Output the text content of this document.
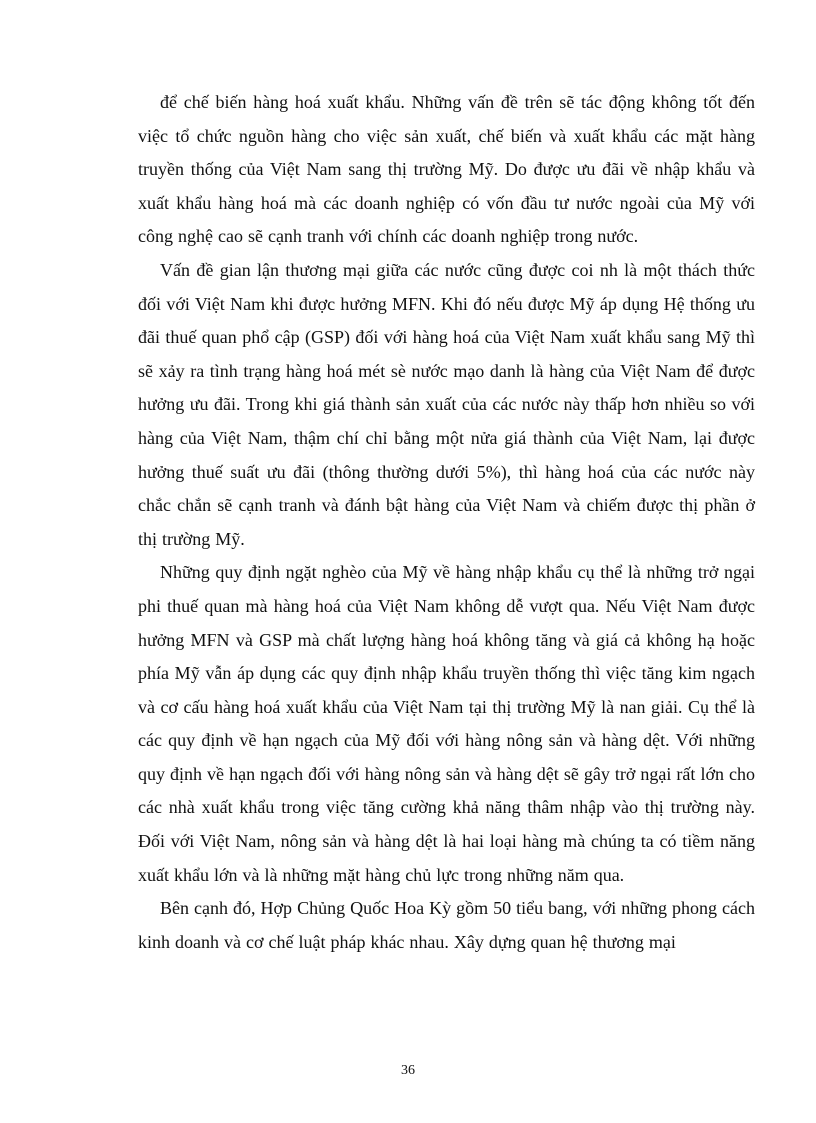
để chế biến hàng hoá xuất khẩu. Những vấn đề trên sẽ tác động không tốt đến việc tổ chức nguồn hàng cho việc sản xuất, chế biến và xuất khẩu các mặt hàng truyền thống của Việt Nam sang thị trường Mỹ. Do được ưu đãi về nhập khẩu và xuất khẩu hàng hoá mà các doanh nghiệp có vốn đầu tư nước ngoài của Mỹ với công nghệ cao sẽ cạnh tranh với chính các doanh nghiệp trong nước.

Vấn đề gian lận thương mại giữa các nước cũng được coi nh là một thách thức đối với Việt Nam khi được hưởng MFN. Khi đó nếu được Mỹ áp dụng Hệ thống ưu đãi thuế quan phổ cập (GSP) đối với hàng hoá của Việt Nam xuất khẩu sang Mỹ thì sẽ xảy ra tình trạng hàng hoá mét sè nước mạo danh là hàng của Việt Nam để được hưởng ưu đãi. Trong khi giá thành sản xuất của các nước này thấp hơn nhiều so với hàng của Việt Nam, thậm chí chỉ bằng một nửa giá thành của Việt Nam, lại được hưởng thuế suất ưu đãi (thông thường dưới 5%), thì hàng hoá của các nước này chắc chắn sẽ cạnh tranh và đánh bật hàng của Việt Nam và chiếm được thị phần ở thị trường Mỹ.

Những quy định ngặt nghèo của Mỹ về hàng nhập khẩu cụ thể là những trở ngại phi thuế quan mà hàng hoá của Việt Nam không dễ vượt qua. Nếu Việt Nam được hưởng MFN và GSP mà chất lượng hàng hoá không tăng và giá cả không hạ hoặc phía Mỹ vẫn áp dụng các quy định nhập khẩu truyền thống thì việc tăng kim ngạch và cơ cấu hàng hoá xuất khẩu của Việt Nam tại thị trường Mỹ là nan giải. Cụ thể là các quy định về hạn ngạch của Mỹ đối với hàng nông sản và hàng dệt. Với những quy định về hạn ngạch đối với hàng nông sản và hàng dệt sẽ gây trở ngại rất lớn cho các nhà xuất khẩu trong việc tăng cường khả năng thâm nhập vào thị trường này. Đối với Việt Nam, nông sản và hàng dệt là hai loại hàng mà chúng ta có tiềm năng xuất khẩu lớn và là những mặt hàng chủ lực trong những năm qua.

Bên cạnh đó, Hợp Chủng Quốc Hoa Kỳ gồm 50 tiểu bang, với những phong cách kinh doanh và cơ chế luật pháp khác nhau. Xây dựng quan hệ thương mại

36
